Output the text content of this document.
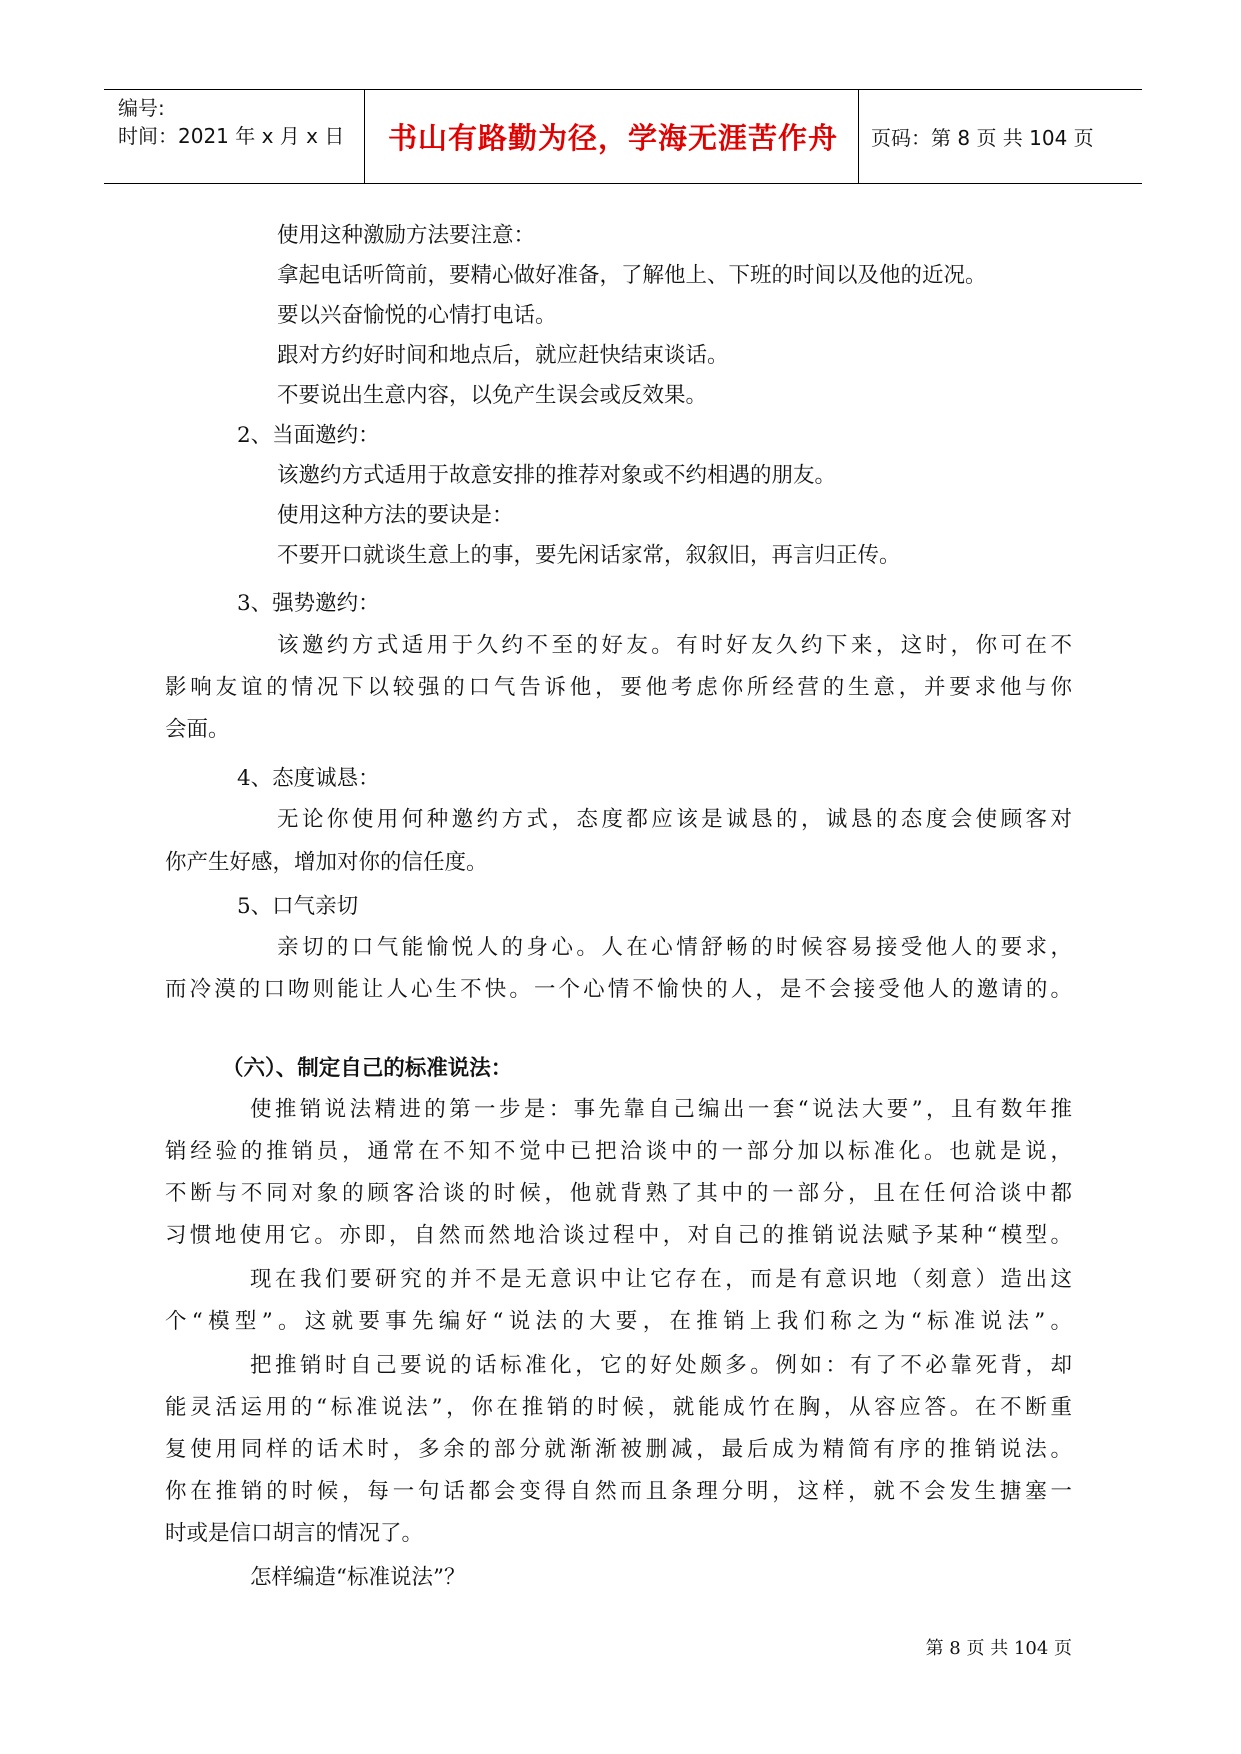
编号:
时间：2021 年 x 月 x 日	书山有路勤为径，学海无涯苦作舟	页码：第 8 页 共 104 页
使用这种激励方法要注意：
拿起电话听筒前，要精心做好准备，了解他上、下班的时间以及他的近况。
要以兴奋愉悦的心情打电话。
跟对方约好时间和地点后，就应赶快结束谈话。
不要说出生意内容，以免产生误会或反效果。
2、当面邀约：
该邀约方式适用于故意安排的推荐对象或不约相遇的朋友。
使用这种方法的要诀是：
不要开口就谈生意上的事，要先闲话家常，叙叙旧，再言归正传。
3、强势邀约：
该邀约方式适用于久约不至的好友。有时好友久约下来，这时，你可在不
影响友谊的情况下以较强的口气告诉他，要他考虑你所经营的生意，并要求他与你
会面。
4、态度诚恳：
无论你使用何种邀约方式，态度都应该是诚恳的，诚恳的态度会使顾客对
你产生好感，增加对你的信任度。
5、口气亲切
亲切的口气能愉悦人的身心。人在心情舒畅的时候容易接受他人的要求，
而冷漠的口吻则能让人心生不快。一个心情不愉快的人，是不会接受他人的邀请的。
（六）、制定自己的标准说法：
使推销说法精进的第一步是：事先靠自己编出一套“说法大要”，且有数年推
销经验的推销员，通常在不知不觉中已把洽谈中的一部分加以标准化。也就是说，
不断与不同对象的顾客洽谈的时候，他就背熟了其中的一部分，且在任何洽谈中都
习惯地使用它。亦即，自然而然地洽谈过程中，对自己的推销说法赋予某种“模型。
现在我们要研究的并不是无意识中让它存在，而是有意识地（刻意）造出这
个“模型”。这就要事先编好“说法的大要，在推销上我们称之为“标准说法”。
把推销时自己要说的话标准化，它的好处颇多。例如：有了不必靠死背，却
能灵活运用的“标准说法”，你在推销的时候，就能成竹在胸，从容应答。在不断重
复使用同样的话术时，多余的部分就渐渐被删减，最后成为精简有序的推销说法。
你在推销的时候，每一句话都会变得自然而且条理分明，这样，就不会发生搪塞一
时或是信口胡言的情况了。
怎样编造“标准说法”？
第 8 页 共 104 页
